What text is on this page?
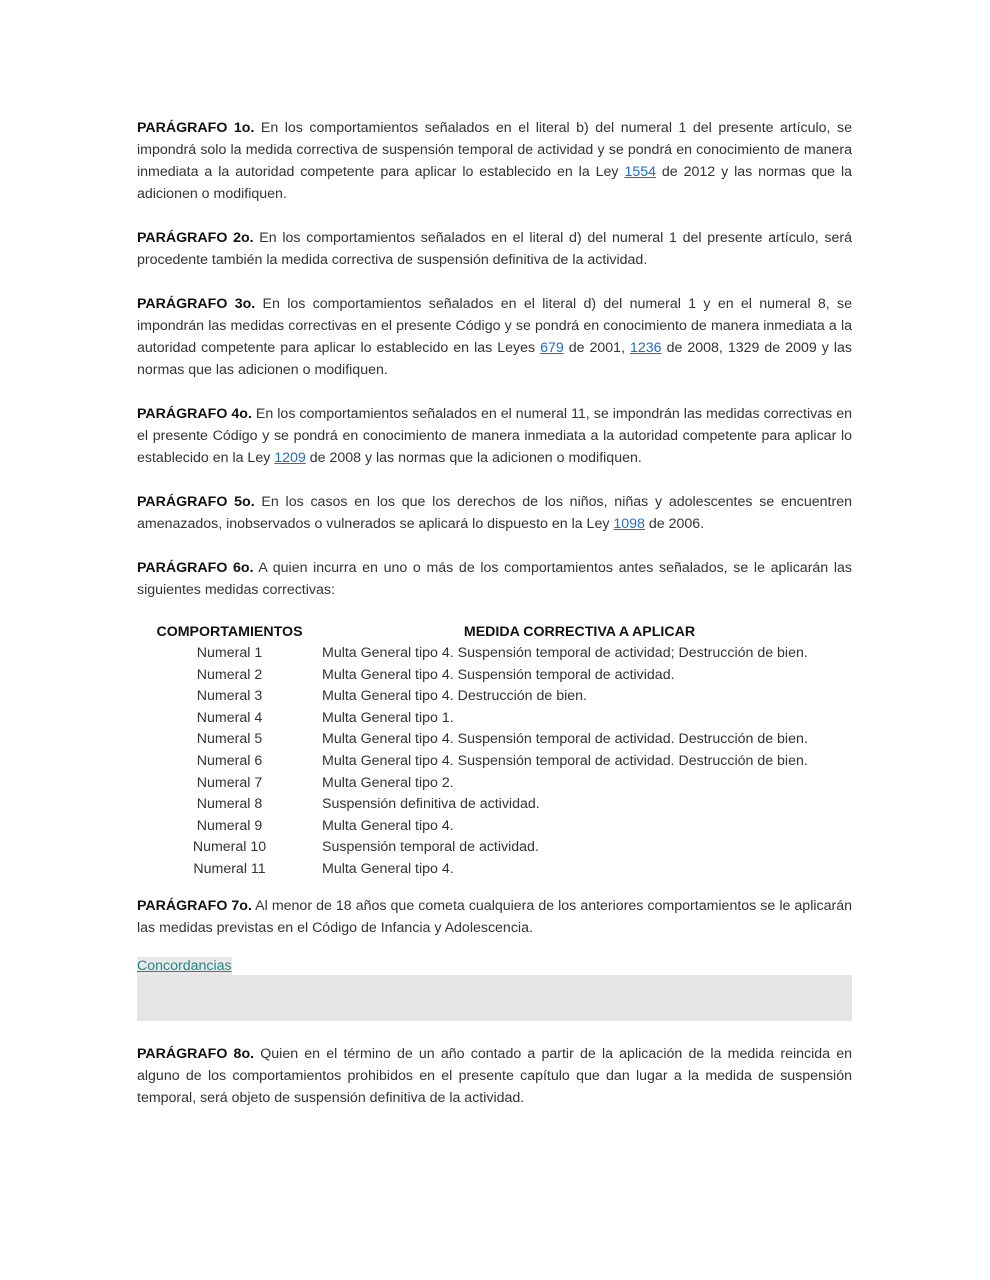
PARÁGRAFO 1o. En los comportamientos señalados en el literal b) del numeral 1 del presente artículo, se impondrá solo la medida correctiva de suspensión temporal de actividad y se pondrá en conocimiento de manera inmediata a la autoridad competente para aplicar lo establecido en la Ley 1554 de 2012 y las normas que la adicionen o modifiquen.

PARÁGRAFO 2o. En los comportamientos señalados en el literal d) del numeral 1 del presente artículo, será procedente también la medida correctiva de suspensión definitiva de la actividad.

PARÁGRAFO 3o. En los comportamientos señalados en el literal d) del numeral 1 y en el numeral 8, se impondrán las medidas correctivas en el presente Código y se pondrá en conocimiento de manera inmediata a la autoridad competente para aplicar lo establecido en las Leyes 679 de 2001, 1236 de 2008, 1329 de 2009 y las normas que las adicionen o modifiquen.

PARÁGRAFO 4o. En los comportamientos señalados en el numeral 11, se impondrán las medidas correctivas en el presente Código y se pondrá en conocimiento de manera inmediata a la autoridad competente para aplicar lo establecido en la Ley 1209 de 2008 y las normas que la adicionen o modifiquen.

PARÁGRAFO 5o. En los casos en los que los derechos de los niños, niñas y adolescentes se encuentren amenazados, inobservados o vulnerados se aplicará lo dispuesto en la Ley 1098 de 2006.

PARÁGRAFO 6o. A quien incurra en uno o más de los comportamientos antes señalados, se le aplicarán las siguientes medidas correctivas:

COMPORTAMIENTOS	MEDIDA CORRECTIVA A APLICAR
Numeral 1	Multa General tipo 4. Suspensión temporal de actividad; Destrucción de bien.
Numeral 2	Multa General tipo 4. Suspensión temporal de actividad.
Numeral 3	Multa General tipo 4. Destrucción de bien.
Numeral 4	Multa General tipo 1.
Numeral 5	Multa General tipo 4. Suspensión temporal de actividad. Destrucción de bien.
Numeral 6	Multa General tipo 4. Suspensión temporal de actividad. Destrucción de bien.
Numeral 7	Multa General tipo 2.
Numeral 8	Suspensión definitiva de actividad.
Numeral 9	Multa General tipo 4.
Numeral 10	Suspensión temporal de actividad.
Numeral 11	Multa General tipo 4.

PARÁGRAFO 7o. Al menor de 18 años que cometa cualquiera de los anteriores comportamientos se le aplicarán las medidas previstas en el Código de Infancia y Adolescencia.

Concordancias

PARÁGRAFO 8o. Quien en el término de un año contado a partir de la aplicación de la medida reincida en alguno de los comportamientos prohibidos en el presente capítulo que dan lugar a la medida de suspensión temporal, será objeto de suspensión definitiva de la actividad.
